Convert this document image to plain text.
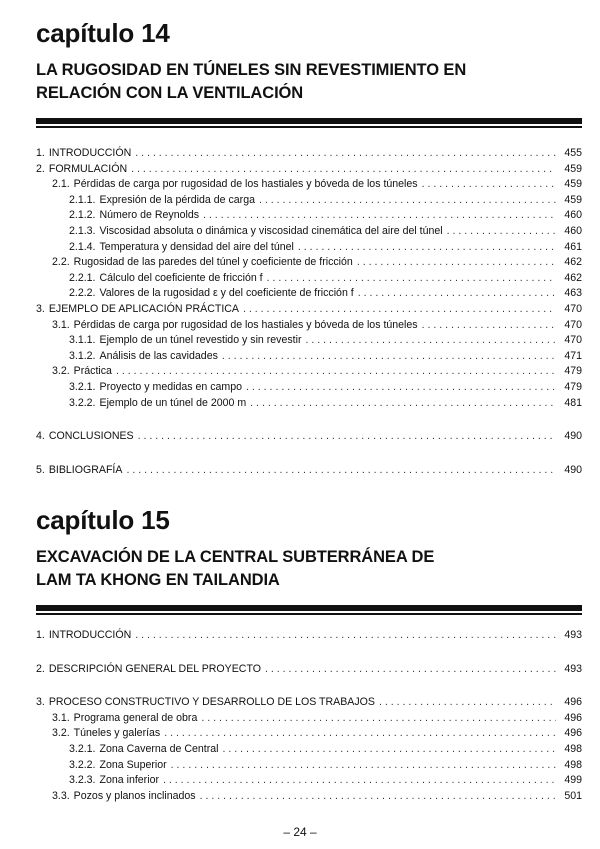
capítulo 14
LA RUGOSIDAD EN TÚNELES SIN REVESTIMIENTO EN
RELACIÓN CON LA VENTILACIÓN
1. INTRODUCCIÓN . . .	455
2. FORMULACIÓN . . .	459
2.1. Pérdidas de carga por rugosidad de los hastiales y bóveda de los túneles . . .	459
2.1.1. Expresión de la pérdida de carga . . .	459
2.1.2. Número de Reynolds . . .	460
2.1.3. Viscosidad absoluta o dinámica y viscosidad cinemática del aire del túnel . . .	460
2.1.4. Temperatura y densidad del aire del túnel . . .	461
2.2. Rugosidad de las paredes del túnel y coeficiente de fricción . . .	462
2.2.1. Cálculo del coeficiente de fricción f . . .	462
2.2.2. Valores de la rugosidad ε y del coeficiente de fricción f . . .	463
3. EJEMPLO DE APLICACIÓN PRÁCTICA . . .	470
3.1. Pérdidas de carga por rugosidad de los hastiales y bóveda de los túneles . . .	470
3.1.1. Ejemplo de un túnel revestido y sin revestir . . .	470
3.1.2. Análisis de las cavidades . . .	471
3.2. Práctica . . .	479
3.2.1. Proyecto y medidas en campo . . .	479
3.2.2. Ejemplo de un túnel de 2000 m . . .	481
4. CONCLUSIONES . . .	490
5. BIBLIOGRAFÍA . . .	490
capítulo 15
EXCAVACIÓN DE LA CENTRAL SUBTERRÁNEA DE
LAM TA KHONG EN TAILANDIA
1. INTRODUCCIÓN . . .	493
2. DESCRIPCIÓN GENERAL DEL PROYECTO . . .	493
3. PROCESO CONSTRUCTIVO Y DESARROLLO DE LOS TRABAJOS . . .	496
3.1. Programa general de obra . . .	496
3.2. Túneles y galerías . . .	496
3.2.1. Zona Caverna de Central . . .	498
3.2.2. Zona Superior . . .	498
3.2.3. Zona inferior . . .	499
3.3. Pozos y planos inclinados . . .	501
– 24 –
